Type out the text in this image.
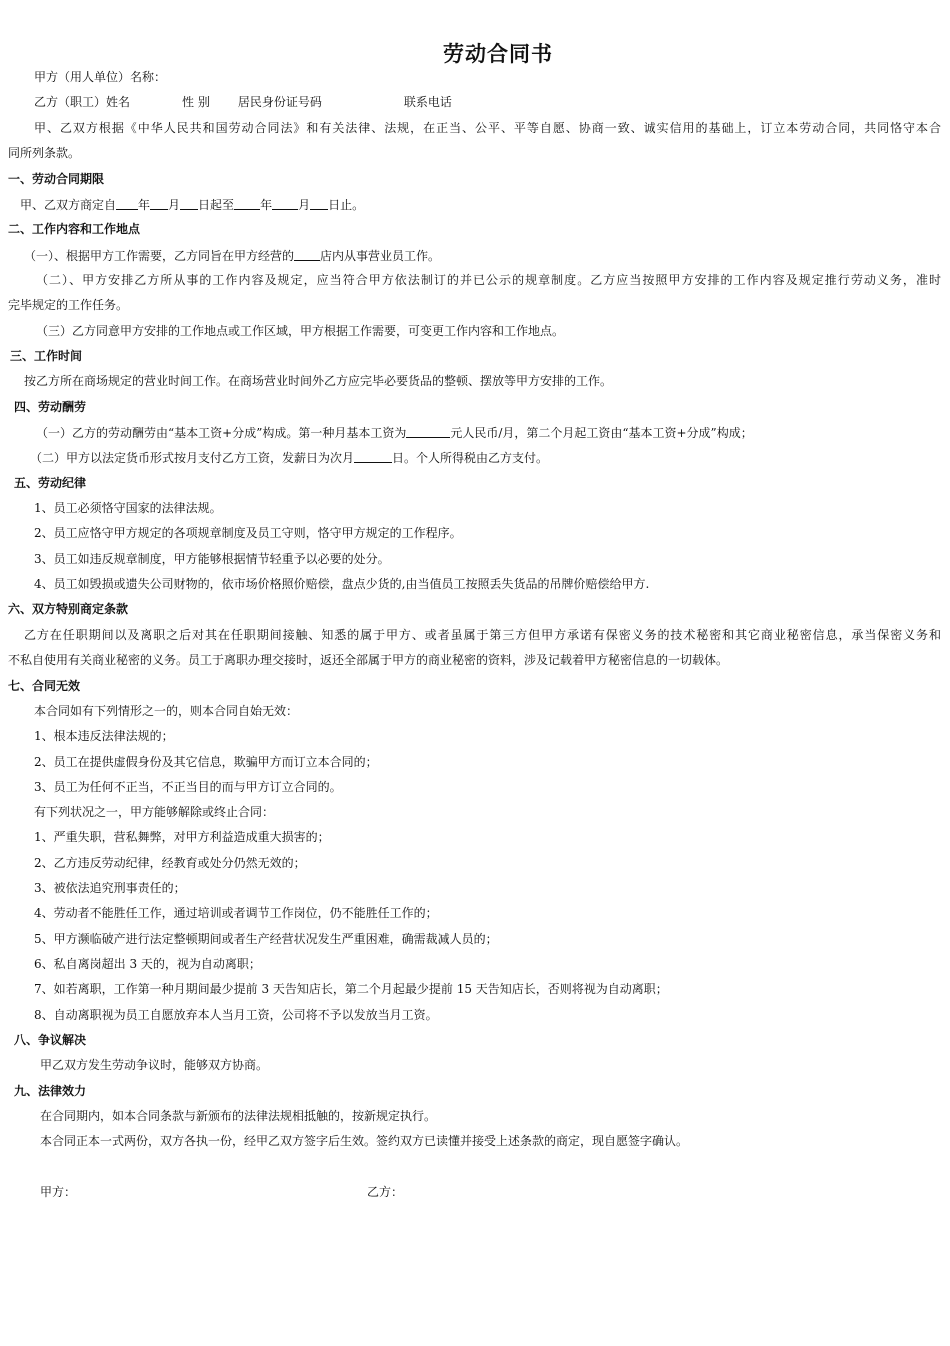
劳动合同书
甲方（用人单位）名称：
乙方（职工）姓名	性 别 居民身份证号码	联系电话
甲、乙双方根据《中华人民共和国劳动合同法》和有关法律、法规，在正当、公平、平等自愿、协商一致、诚实信用的基础上，订立本劳动合同，共同恪守本合
同所列条款。
一、劳动合同期限
甲、乙双方商定自 年 月 日起至 年 月 日止。
二、工作内容和工作地点
（一）、根据甲方工作需要，乙方同旨在甲方经营的 店内从事营业员工作。
（二）、甲方安排乙方所从事的工作内容及规定，应当符合甲方依法制订的并已公示的规章制度。乙方应当按照甲方安排的工作内容及规定推行劳动义务，准时
完毕规定的工作任务。
（三）乙方同意甲方安排的工作地点或工作区域，甲方根据工作需要，可变更工作内容和工作地点。
三、工作时间
按乙方所在商场规定的营业时间工作。在商场营业时间外乙方应完毕必要货品的整顿、摆放等甲方安排的工作。
四、劳动酬劳
（一）乙方的劳动酬劳由“基本工资+分成”构成。第一种月基本工资为	元人民币/月，第二个月起工资由“基本工资+分成”构成；
（二）甲方以法定货币形式按月支付乙方工资，发薪日为次月	日。个人所得税由乙方支付。
五、劳动纪律
1、员工必须恪守国家的法律法规。
2、员工应恪守甲方规定的各项规章制度及员工守则，恪守甲方规定的工作程序。
3、员工如违反规章制度，甲方能够根据情节轻重予以必要的处分。
4、员工如毁损或遗失公司财物的，依市场价格照价赔偿，盘点少货的,由当值员工按照丢失货品的吊牌价赔偿给甲方.
六、双方特别商定条款
乙方在任职期间以及离职之后对其在任职期间接触、知悉的属于甲方、或者虽属于第三方但甲方承诺有保密义务的技术秘密和其它商业秘密信息，承当保密义务和
不私自使用有关商业秘密的义务。员工于离职办理交接时，返还全部属于甲方的商业秘密的资料，涉及记载着甲方秘密信息的一切载体。
七、合同无效
本合同如有下列情形之一的，则本合同自始无效：
1、根本违反法律法规的；
2、员工在提供虚假身份及其它信息，欺骗甲方而订立本合同的；
3、员工为任何不正当，不正当目的而与甲方订立合同的。
有下列状况之一，甲方能够解除或终止合同：
1、严重失职，营私舞弊，对甲方利益造成重大损害的；
2、乙方违反劳动纪律，经教育或处分仍然无效的；
3、被依法追究刑事责任的；
4、劳动者不能胜任工作，通过培训或者调节工作岗位，仍不能胜任工作的；
5、甲方濒临破产进行法定整顿期间或者生产经营状况发生严重困难，确需裁减人员的；
6、私自离岗超出 3 天的，视为自动离职；
7、如若离职，工作第一种月期间最少提前 3 天告知店长，第二个月起最少提前 15 天告知店长，否则将视为自动离职；
8、自动离职视为员工自愿放弃本人当月工资，公司将不予以发放当月工资。
八、争议解决
甲乙双方发生劳动争议时，能够双方协商。
九、法律效力
在合同期内，如本合同条款与新颁布的法律法规相抵触的，按新规定执行。
本合同正本一式两份，双方各执一份，经甲乙双方签字后生效。签约双方已读懂并接受上述条款的商定，现自愿签字确认。
甲方：	乙方：
